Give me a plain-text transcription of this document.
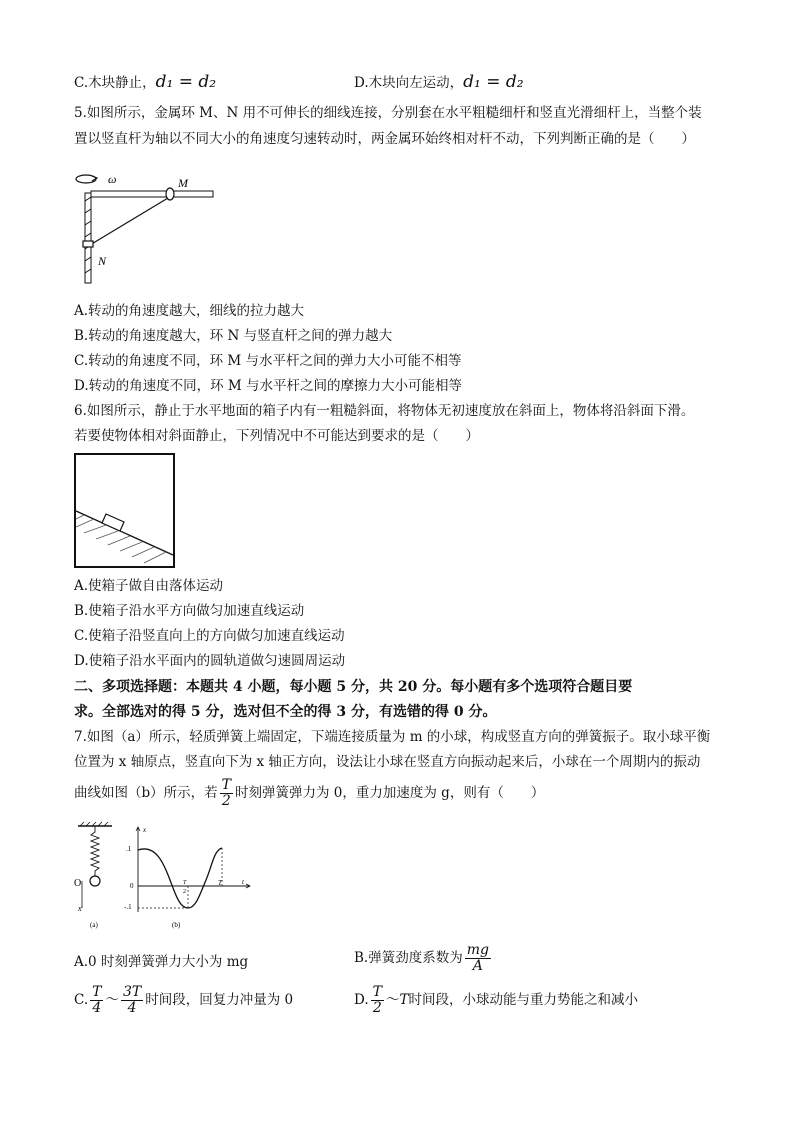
C.木块静止，d₁ = d₂	D.木块向左运动，d₁ = d₂
5.如图所示，金属环 M、N 用不可伸长的细线连接，分别套在水平粗糙细杆和竖直光滑细杆上，当整个装
置以竖直杆为轴以不同大小的角速度匀速转动时，两金属环始终相对杆不动，下列判断正确的是（　　）
ω	M
N
A.转动的角速度越大，细线的拉力越大
B.转动的角速度越大，环 N 与竖直杆之间的弹力越大
C.转动的角速度不同，环 M 与水平杆之间的弹力大小可能不相等
D.转动的角速度不同，环 M 与水平杆之间的摩擦力大小可能相等
6.如图所示，静止于水平地面的箱子内有一粗糙斜面，将物体无初速度放在斜面上，物体将沿斜面下滑。
若要使物体相对斜面静止，下列情况中不可能达到要求的是（　　）
A.使箱子做自由落体运动
B.使箱子沿水平方向做匀加速直线运动
C.使箱子沿竖直向上的方向做匀加速直线运动
D.使箱子沿水平面内的圆轨道做匀速圆周运动
二、多项选择题：本题共 4 小题，每小题 5 分，共 20 分。每小题有多个选项符合题目要
求。全部选对的得 5 分，选对但不全的得 3 分，有选错的得 0 分。
7.如图（a）所示，轻质弹簧上端固定，下端连接质量为 m 的小球，构成竖直方向的弹簧振子。取小球平衡
位置为 x 轴原点，竖直向下为 x 轴正方向，设法让小球在竖直方向振动起来后，小球在一个周期内的振动
曲线如图（b）所示，若 $\frac{T}{2}$ 时刻弹簧弹力为 0，重力加速度为 g，则有（　　）
O
x
(a)
x
.1
0
-.1
T
2
T	t
(b)
A.0 时刻弹簧弹力大小为 mg	B.弹簧劲度系数为 $\frac{mg}{A}$
C. $\frac{T}{4}$ ～ $\frac{3T}{4}$ 时间段，回复力冲量为 0	D. $\frac{T}{2}$ ～T时间段，小球动能与重力势能之和减小
